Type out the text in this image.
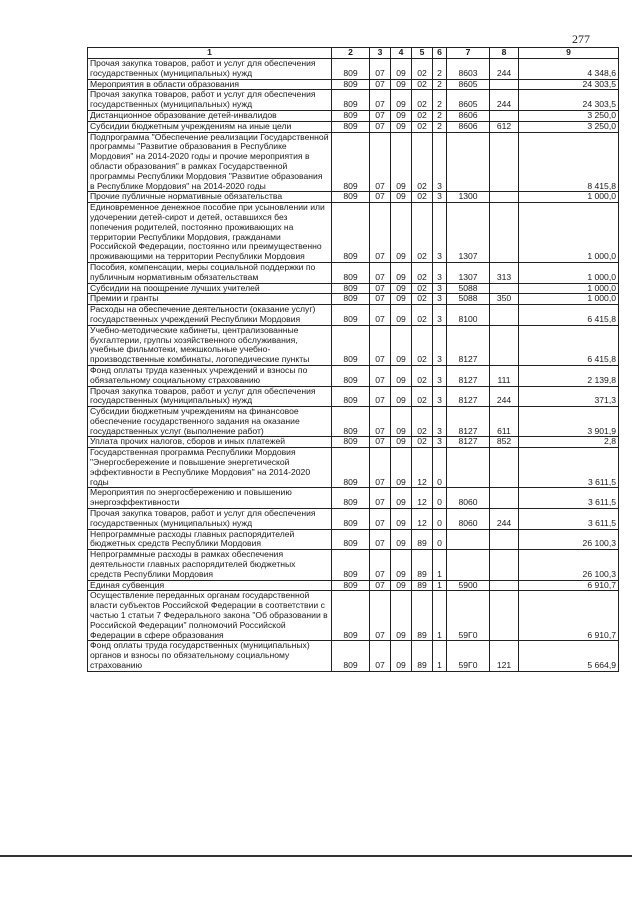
277
1	2	3	4	5	6	7	8	9
Прочая закупка товаров, работ и услуг для обеспечения государственных (муниципальных) нужд	809	07	09	02	2	8603	244	4 348,6
Мероприятия в области образования	809	07	09	02	2	8605		24 303,5
Прочая закупка товаров, работ и услуг для обеспечения государственных (муниципальных) нужд	809	07	09	02	2	8605	244	24 303,5
Дистанционное образование детей-инвалидов	809	07	09	02	2	8606		3 250,0
Субсидии бюджетным учреждениям на иные цели	809	07	09	02	2	8606	612	3 250,0
Подпрограмма "Обеспечение реализации Государственной программы "Развитие образования в Республике Мордовия" на 2014-2020 годы и прочие мероприятия в области образования" в рамках Государственной программы Республики Мордовия "Развитие образования в Республике Мордовия" на 2014-2020 годы	809	07	09	02	3			8 415,8
Прочие публичные нормативные обязательства	809	07	09	02	3	1300		1 000,0
Единовременное денежное пособие при усыновлении или удочерении детей-сирот и детей, оставшихся без попечения родителей, постоянно проживающих на территории Республики Мордовия, гражданами Российской Федерации, постоянно или преимущественно проживающими на территории Республики Мордовия	809	07	09	02	3	1307		1 000,0
Пособия, компенсации, меры социальной поддержки по публичным нормативным обязательствам	809	07	09	02	3	1307	313	1 000,0
Субсидии на поощрение лучших учителей	809	07	09	02	3	5088		1 000,0
Премии и гранты	809	07	09	02	3	5088	350	1 000,0
Расходы на обеспечение деятельности (оказание услуг) государственных учреждений Республики Мордовия	809	07	09	02	3	8100		6 415,8
Учебно-методические кабинеты, централизованные бухгалтерии, группы хозяйственного обслуживания, учебные фильмотеки, межшкольные учебно-производственные комбинаты, логопедические пункты	809	07	09	02	3	8127		6 415,8
Фонд оплаты труда казенных учреждений и взносы по обязательному социальному страхованию	809	07	09	02	3	8127	111	2 139,8
Прочая закупка товаров, работ и услуг для обеспечения государственных (муниципальных) нужд	809	07	09	02	3	8127	244	371,3
Субсидии бюджетным учреждениям на финансовое обеспечение государственного задания на оказание государственных услуг (выполнение работ)	809	07	09	02	3	8127	611	3 901,9
Уплата прочих налогов, сборов и иных платежей	809	07	09	02	3	8127	852	2,8
Государственная программа Республики Мордовия "Энергосбережение и повышение энергетической эффективности в Республике Мордовия" на 2014-2020 годы	809	07	09	12	0			3 611,5
Мероприятия по энергосбережению и повышению энергоэффективности	809	07	09	12	0	8060		3 611,5
Прочая закупка товаров, работ и услуг для обеспечения государственных (муниципальных) нужд	809	07	09	12	0	8060	244	3 611,5
Непрограммные расходы главных распорядителей бюджетных средств Республики Мордовия	809	07	09	89	0			26 100,3
Непрограммные расходы в рамках обеспечения деятельности главных распорядителей бюджетных средств Республики Мордовия	809	07	09	89	1			26 100,3
Единая субвенция	809	07	09	89	1	5900		6 910,7
Осуществление переданных органам государственной власти субъектов Российской Федерации в соответствии с частью 1 статьи 7 Федерального закона "Об образовании в Российской Федерации" полномочий Российской Федерации в сфере образования	809	07	09	89	1	59Г0		6 910,7
Фонд оплаты труда государственных (муниципальных) органов и взносы по обязательному социальному страхованию	809	07	09	89	1	59Г0	121	5 664,9
